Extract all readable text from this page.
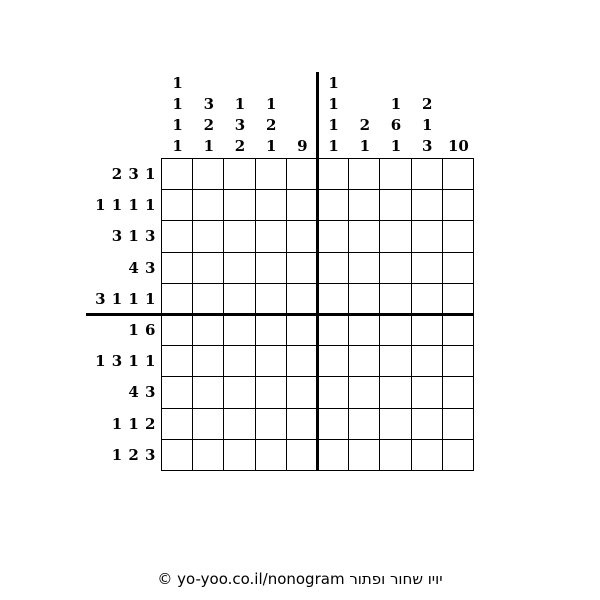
1
1
1
1
3
2
1
1
3
2
1
2
1	9
1
1
1
1
2
1
1
6
1
2
1
3	10
2 3 1
1 1 1 1
3 1 3
4 3
3 1 1 1
1 6
1 3 1 1
4 3
1 1 2
1 2 3
© yo-yoo.co.il/nonogram יויו שחור ופתור
